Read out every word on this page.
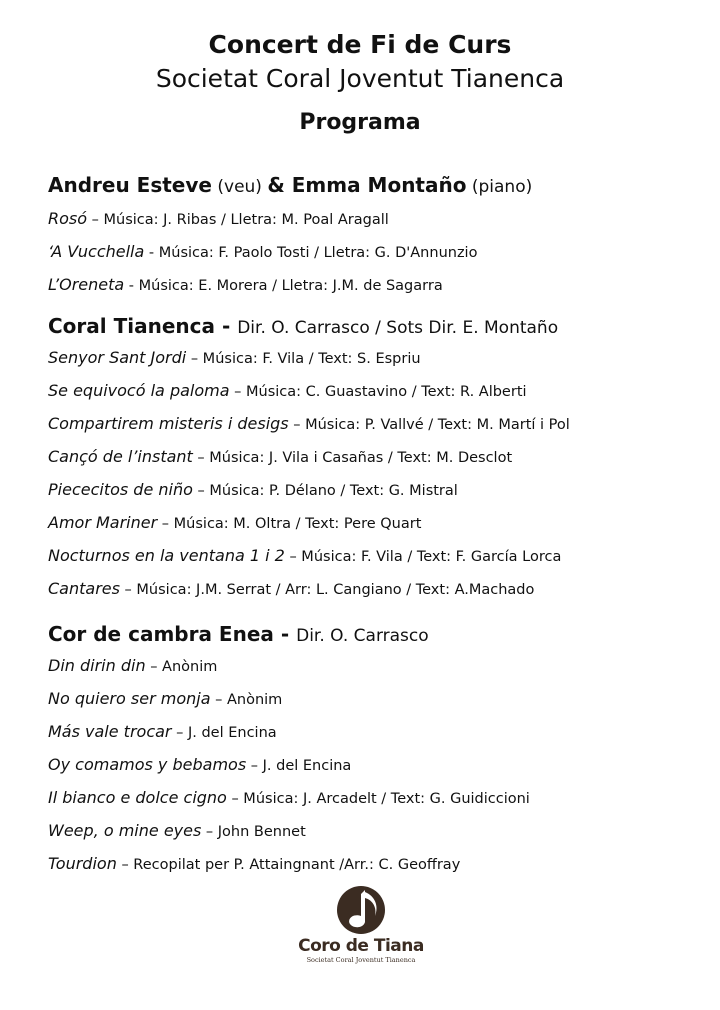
Concert de Fi de Curs
Societat Coral Joventut Tianenca
Programa
Andreu Esteve (veu) & Emma Montaño (piano)
Rosó – Música: J. Ribas / Lletra: M. Poal Aragall
‘A Vucchella - Música: F. Paolo Tosti / Lletra: G. D'Annunzio
L’Oreneta - Música: E. Morera / Lletra: J.M. de Sagarra
Coral Tianenca - Dir. O. Carrasco / Sots Dir. E. Montaño
Senyor Sant Jordi – Música: F. Vila / Text: S. Espriu
Se equivocó la paloma – Música: C. Guastavino / Text: R. Alberti
Compartirem misteris i desigs – Música: P. Vallvé / Text: M. Martí i Pol
Cançó de l’instant – Música: J. Vila i Casañas / Text: M. Desclot
Piececitos de niño – Música: P. Délano / Text: G. Mistral
Amor Mariner – Música: M. Oltra / Text: Pere Quart
Nocturnos en la ventana 1 i 2 – Música: F. Vila / Text: F. García Lorca
Cantares – Música: J.M. Serrat / Arr: L. Cangiano / Text: A.Machado
Cor de cambra Enea - Dir. O. Carrasco
Din dirin din – Anònim
No quiero ser monja – Anònim
Más vale trocar – J. del Encina
Oy comamos y bebamos – J. del Encina
Il bianco e dolce cigno – Música: J. Arcadelt / Text: G. Guidiccioni
Weep, o mine eyes – John Bennet
Tourdion – Recopilat per P. Attaingnant /Arr.: C. Geoffray
Coro de Tiana
Societat Coral Joventut Tianenca
